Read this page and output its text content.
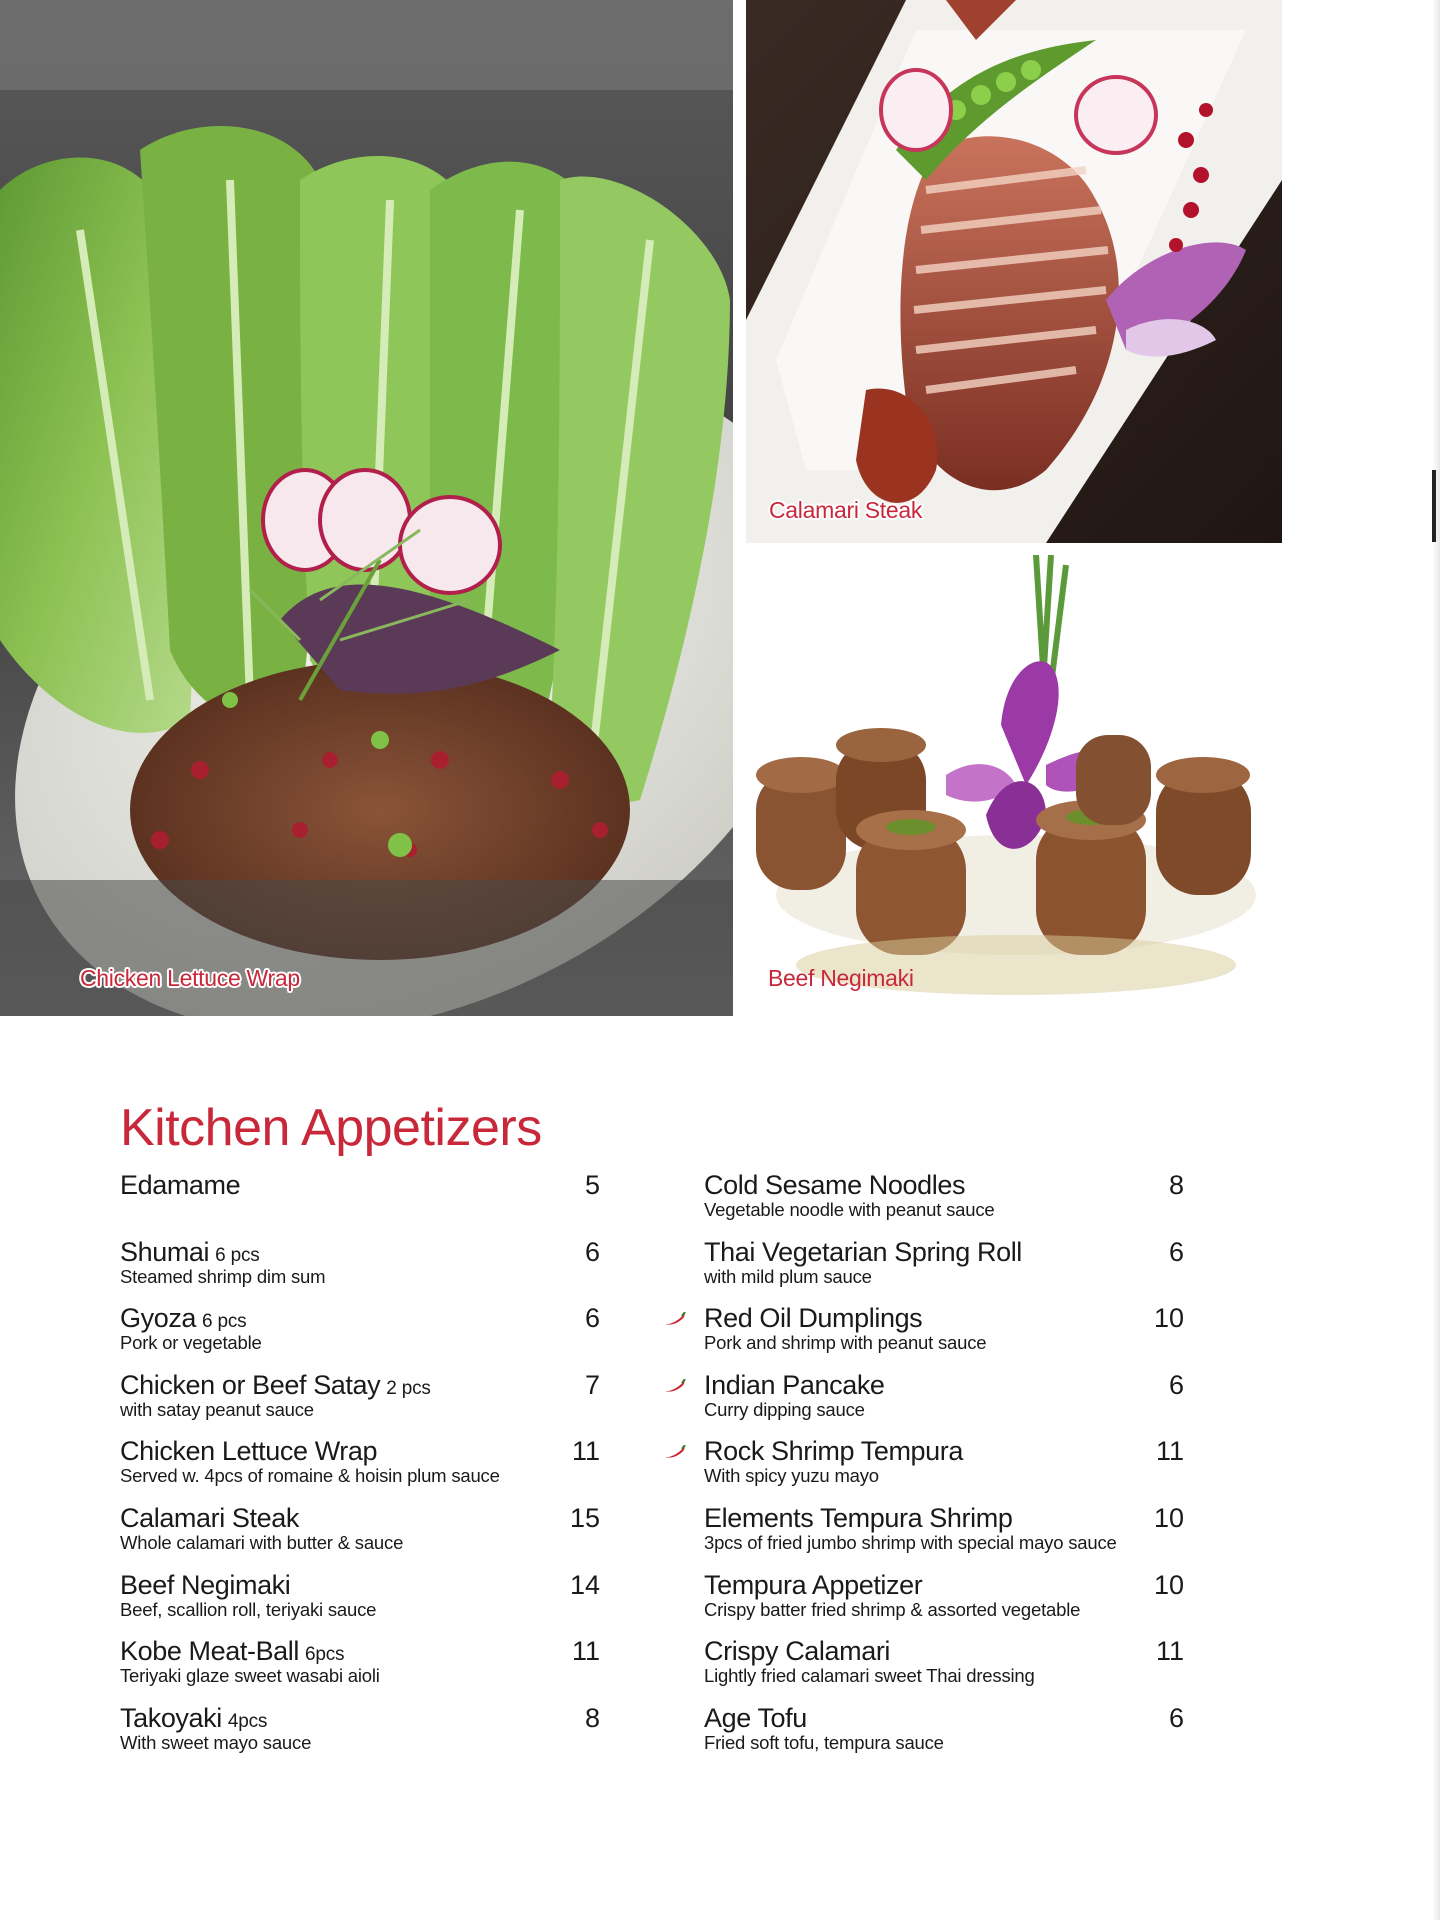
Chicken Lettuce Wrap
Calamari Steak
Beef Negimaki
Kitchen Appetizers
Edamame	5
Shumai 6 pcs	6
Steamed shrimp dim sum
Gyoza 6 pcs	6
Pork or vegetable
Chicken or Beef Satay 2 pcs	7
with satay peanut sauce
Chicken Lettuce Wrap	11
Served w. 4pcs of romaine & hoisin plum sauce
Calamari Steak	15
Whole calamari with butter & sauce
Beef Negimaki	14
Beef, scallion roll, teriyaki sauce
Kobe Meat-Ball 6pcs	11
Teriyaki glaze sweet wasabi aioli
Takoyaki 4pcs	8
With sweet mayo sauce
Cold Sesame Noodles	8
Vegetable noodle with peanut sauce
Thai Vegetarian Spring Roll	6
with mild plum sauce
Red Oil Dumplings	10
Pork and shrimp with peanut sauce
Indian Pancake	6
Curry dipping sauce
Rock Shrimp Tempura	11
With spicy yuzu mayo
Elements Tempura Shrimp	10
3pcs of fried jumbo shrimp with special mayo sauce
Tempura Appetizer	10
Crispy batter fried shrimp & assorted vegetable
Crispy Calamari	11
Lightly fried calamari sweet Thai dressing
Age Tofu	6
Fried soft tofu, tempura sauce
